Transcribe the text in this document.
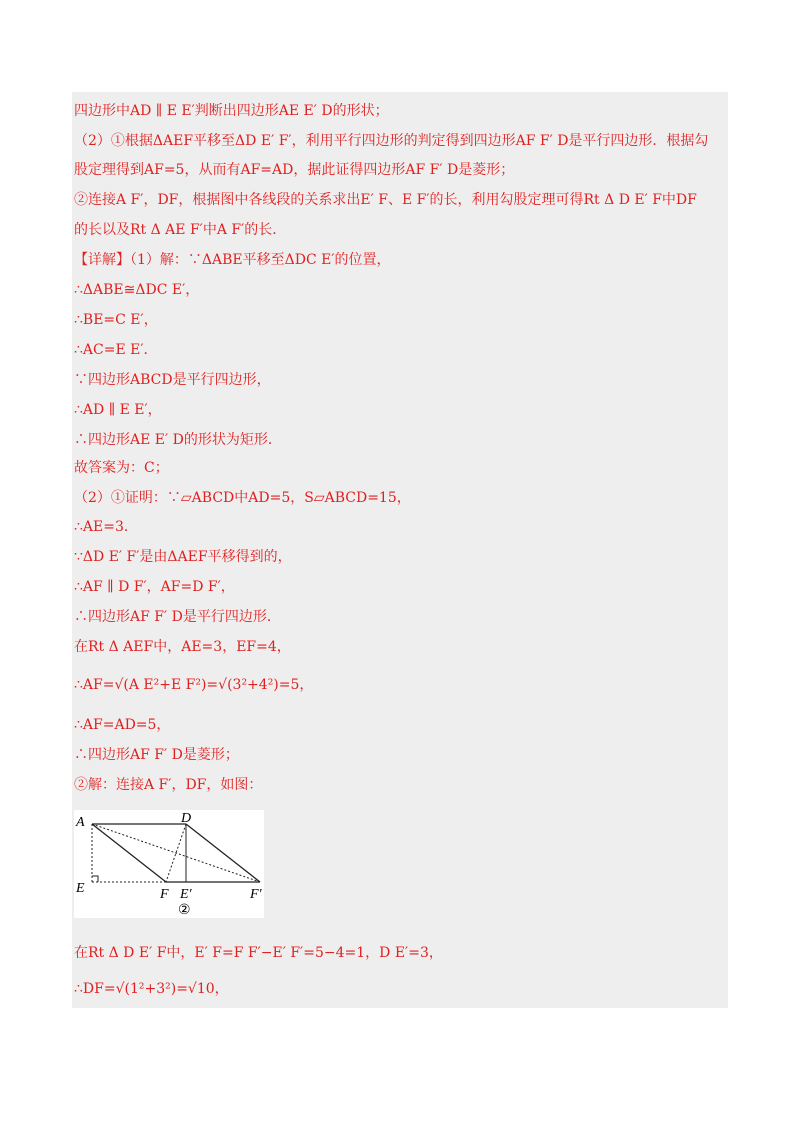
四边形中AD ∥ E E′判断出四边形AE E′ D的形状；
（2）①根据ΔAEF平移至ΔD E′ F′，利用平行四边形的判定得到四边形AF F′ D是平行四边形．根据勾
股定理得到AF=5，从而有AF=AD，据此证得四边形AF F′ D是菱形；
②连接A F′，DF，根据图中各线段的关系求出E′ F、E F′的长，利用勾股定理可得Rt Δ D E′ F中DF
的长以及Rt Δ AE F′中A F′的长．
【详解】（1）解：∵ΔABE平移至ΔDC E′的位置，
∴ΔABE≅ΔDC E′，
∴BE=C E′，
∴AC=E E′．
∵四边形ABCD是平行四边形，
∴AD ∥ E E′，
∴四边形AE E′ D的形状为矩形．
故答案为：C；
（2）①证明：∵▱ABCD中AD=5，S▱ABCD=15，
∴AE=3．
∵ΔD E′ F′是由ΔAEF平移得到的，
∴AF ∥ D F′，AF=D F′，
∴四边形AF F′ D是平行四边形．
在Rt Δ AEF中，AE=3，EF=4，
∴AF=√(A E²+E F²)=√(3²+4²)=5，
∴AF=AD=5，
∴四边形AF F′ D是菱形；
②解：连接A F′，DF，如图：
A	D
E	F E′	F′
②
在Rt Δ D E′ F中，E′ F=F F′−E′ F′=5−4=1，D E′=3，
∴DF=√(1²+3²)=√10，
